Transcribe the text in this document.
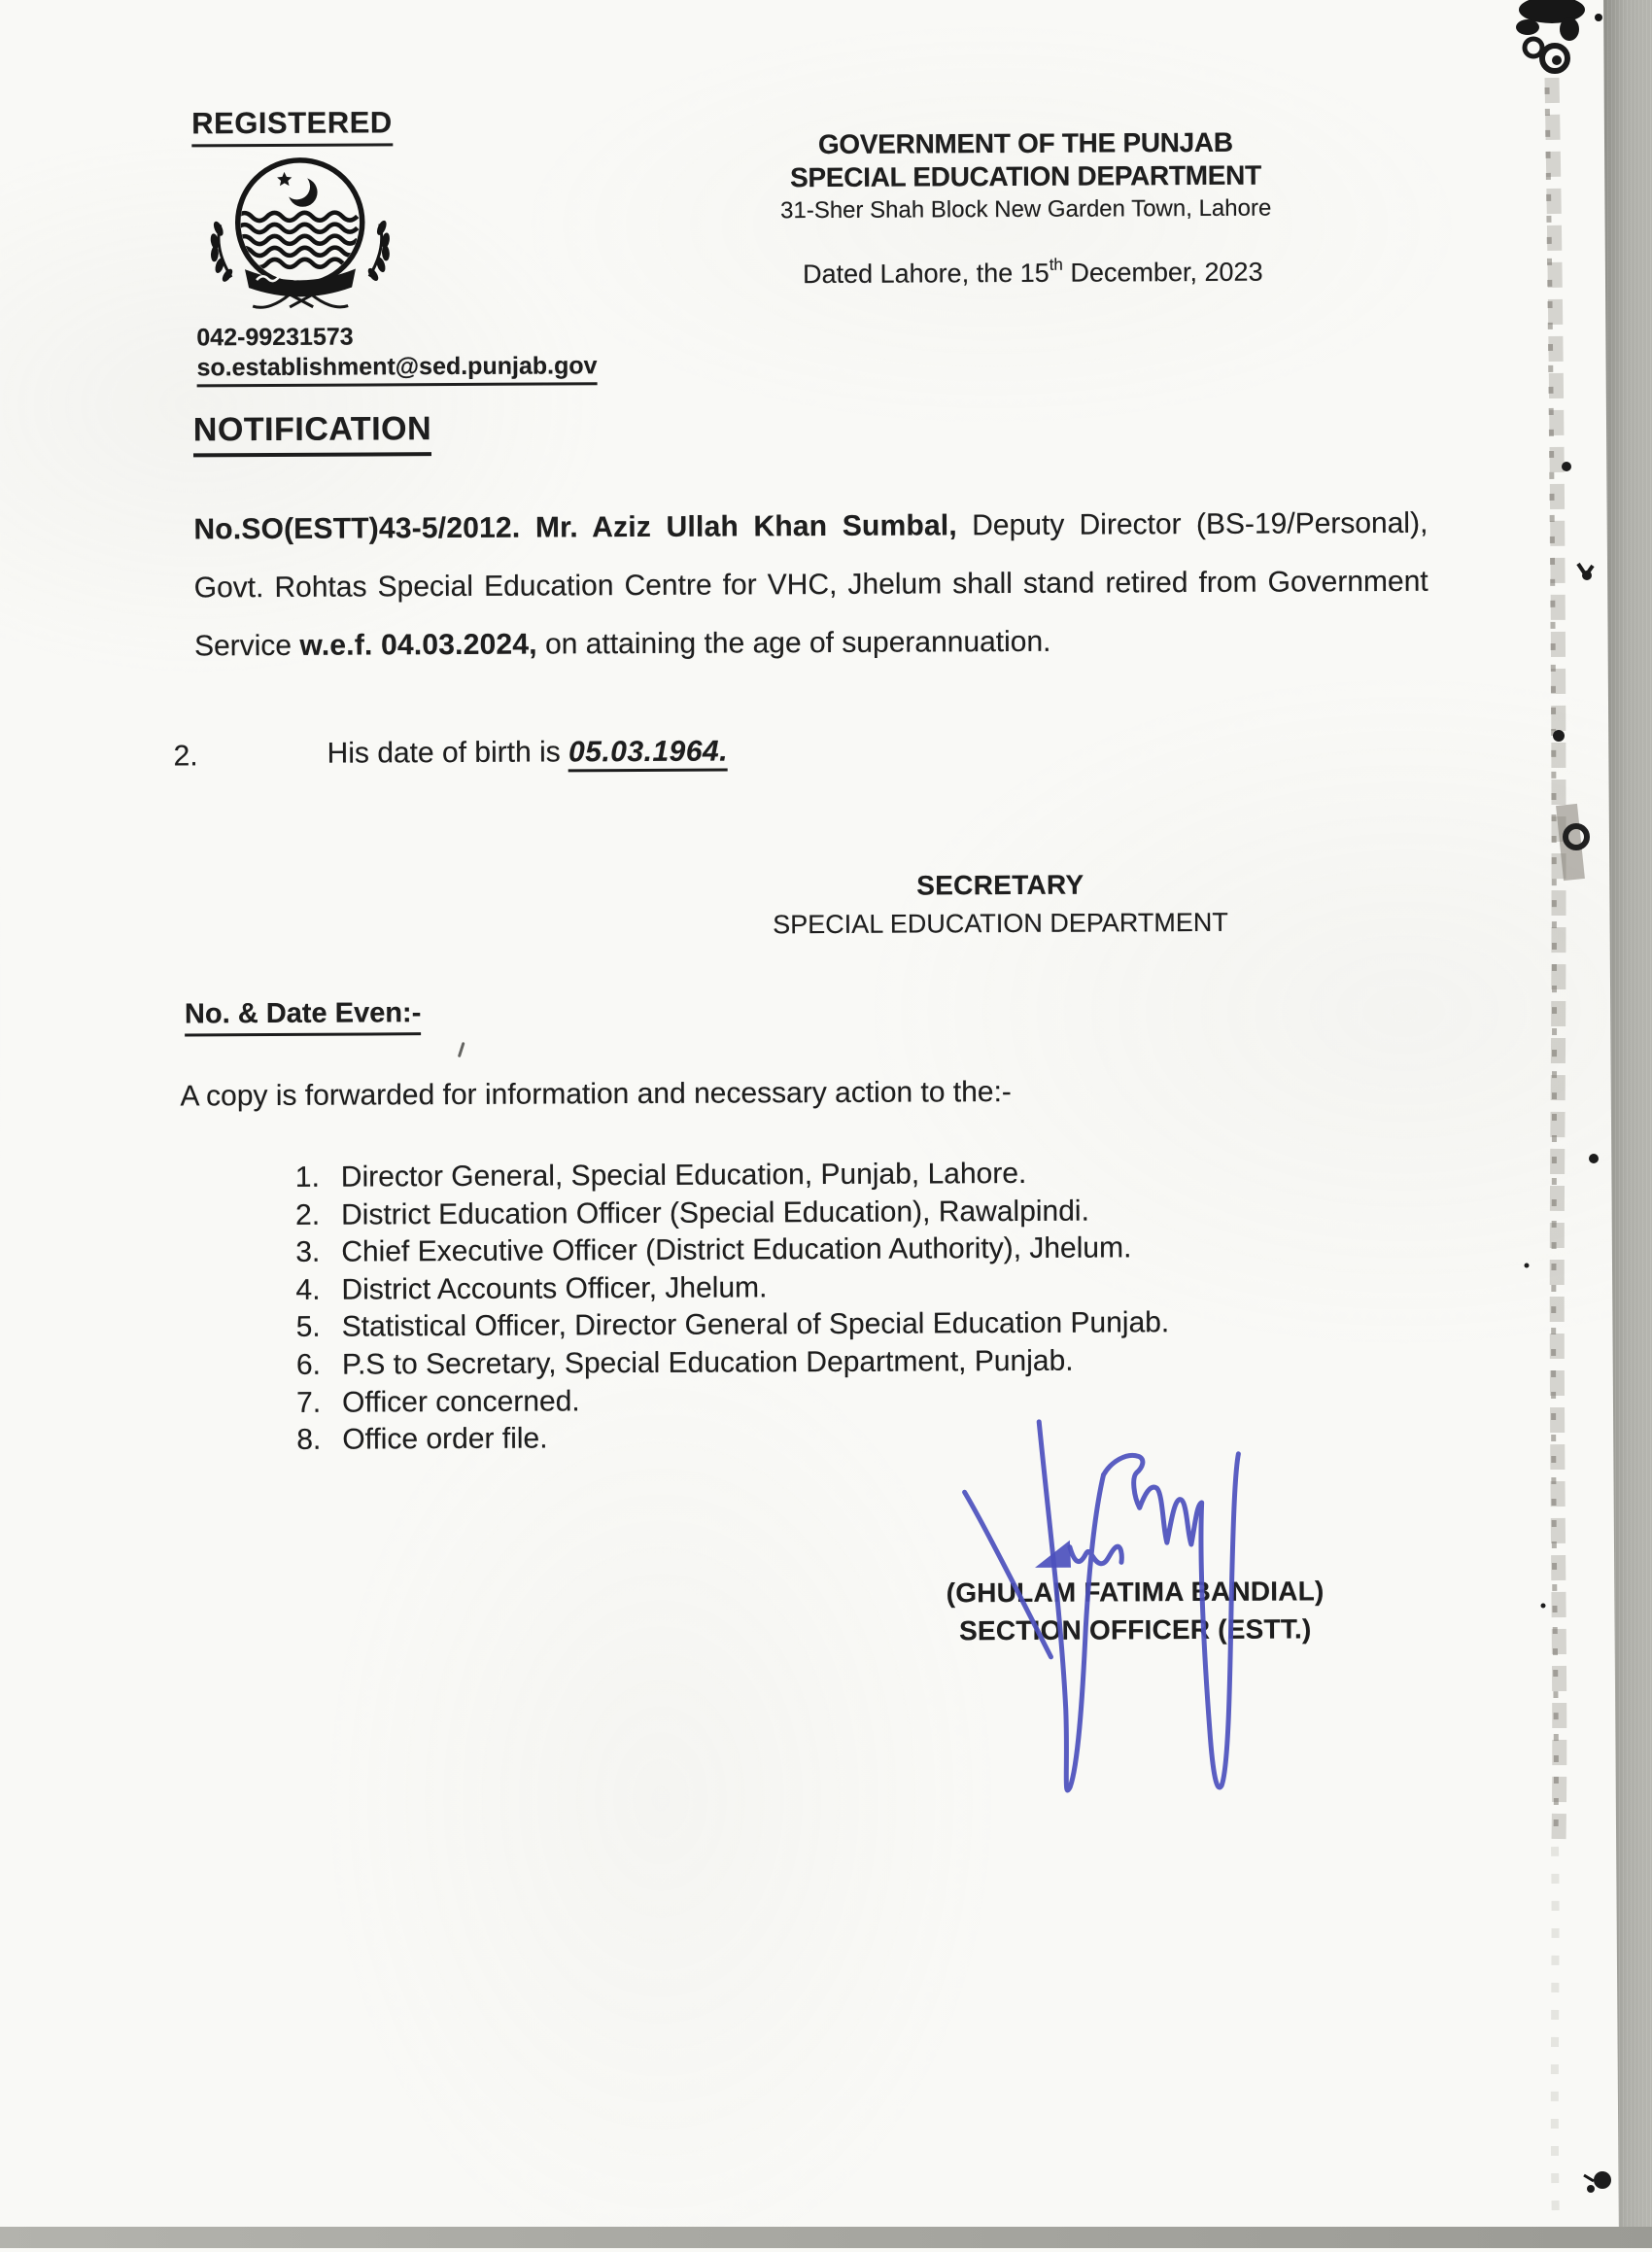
REGISTERED
042-99231573
so.establishment@sed.punjab.gov
GOVERNMENT OF THE PUNJAB
SPECIAL EDUCATION DEPARTMENT
31-Sher Shah Block New Garden Town, Lahore
Dated Lahore, the 15th December, 2023
NOTIFICATION

No.SO(ESTT)43-5/2012. Mr. Aziz Ullah Khan Sumbal, Deputy Director (BS-19/Personal), Govt. Rohtas Special Education Centre for VHC, Jhelum shall stand retired from Government Service w.e.f. 04.03.2024, on attaining the age of superannuation.

2.	His date of birth is 05.03.1964.
SECRETARY
SPECIAL EDUCATION DEPARTMENT
No. & Date Even:-
A copy is forwarded for information and necessary action to the:-
1. Director General, Special Education, Punjab, Lahore.
2. District Education Officer (Special Education), Rawalpindi.
3. Chief Executive Officer (District Education Authority), Jhelum.
4. District Accounts Officer, Jhelum.
5. Statistical Officer, Director General of Special Education Punjab.
6. P.S to Secretary, Special Education Department, Punjab.
7. Officer concerned.
8. Office order file.
(GHULAM FATIMA BANDIAL)
SECTION OFFICER (ESTT.)
